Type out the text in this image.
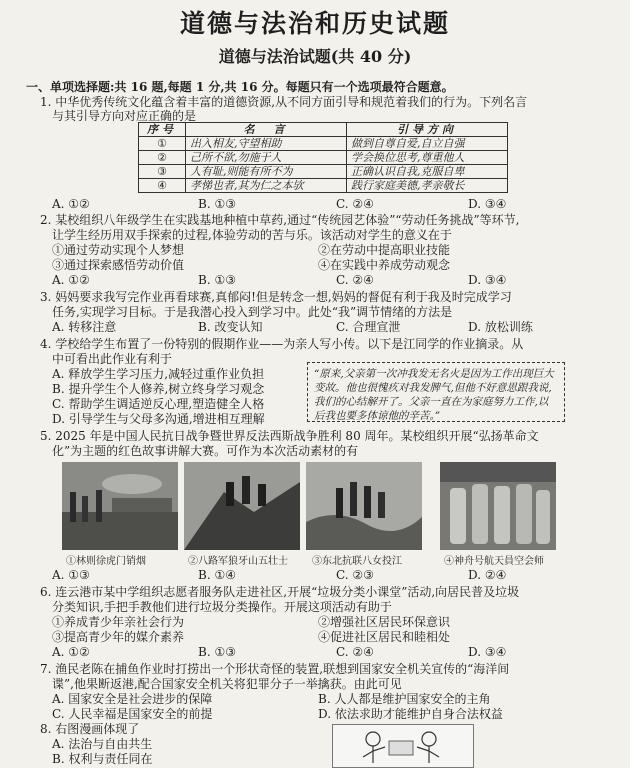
道德与法治和历史试题
道德与法治试题(共 40 分)
一、单项选择题:共 16 题,每题 1 分,共 16 分。每题只有一个选项最符合题意。
1. 中华优秀传统文化蕴含着丰富的道德资源,从不同方面引导和规范着我们的行为。下列名言
与其引导方向对应正确的是
序号	名　言	引导方向
①	出入相友,守望相助	做到自尊自爱,自立自强
②	己所不欲,勿施于人	学会换位思考,尊重他人
③	人有耻,则能有所不为	正确认识自我,克服自卑
④	孝悌也者,其为仁之本欤	践行家庭美德,孝亲敬长
A. ①②	B. ①③	C. ②④	D. ③④
2. 某校组织八年级学生在实践基地种植中草药,通过“传统园艺体验”“劳动任务挑战”等环节,
让学生经历用双手探索的过程,体验劳动的苦与乐。该活动对学生的意义在于
①通过劳动实现个人梦想	②在劳动中提高职业技能
③通过探索感悟劳动价值	④在实践中养成劳动观念
A. ①②	B. ①③	C. ②④	D. ③④
3. 妈妈要求我写完作业再看球赛,真郁闷!但是转念一想,妈妈的督促有利于我及时完成学习
任务,实现学习目标。于是我潜心投入到学习中。此处“我”调节情绪的方法是
A. 转移注意	B. 改变认知	C. 合理宣泄	D. 放松训练
4. 学校给学生布置了一份特别的假期作业——为亲人写小传。以下是江同学的作业摘录。从
中可看出此作业有利于
A. 释放学生学习压力,减轻过重作业负担
B. 提升学生个人修养,树立终身学习观念
C. 帮助学生调适逆反心理,塑造健全人格
D. 引导学生与父母多沟通,增进相互理解
“原来,父亲第一次冲我发无名火是因为工作出现巨大变故。他也很愧疚对我发脾气,但他不好意思跟我说,我们的心结解开了。父亲一直在为家庭努力工作,以后我也要多体谅他的辛苦。”
5. 2025 年是中国人民抗日战争暨世界反法西斯战争胜利 80 周年。某校组织开展“弘扬革命文
化”为主题的红色故事讲解大赛。可作为本次活动素材的有
①林则徐虎门销烟	②八路军狼牙山五壮士 ③东北抗联八女投江	④神舟号航天員空会师
A. ①③	B. ①④	C. ②③	D. ②④
6. 连云港市某中学组织志愿者服务队走进社区,开展“垃圾分类小课堂”活动,向居民普及垃圾
分类知识,手把手教他们进行垃圾分类操作。开展这项活动有助于
①养成青少年亲社会行为	②增强社区居民环保意识
③提高青少年的媒介素养	④促进社区居民和睦相处
A. ①②	B. ①③	C. ②④	D. ③④
7. 渔民老陈在捕鱼作业时打捞出一个形状奇怪的装置,联想到国家安全机关宣传的“海洋间
谍”,他果断返港,配合国家安全机关将犯罪分子一举擒获。由此可见
A. 国家安全是社会进步的保障	B. 人人都是维护国家安全的主角
C. 人民幸福是国家安全的前提	D. 依法求助才能维护自身合法权益
8. 右图漫画体现了
A. 法治与自由共生
B. 权利与责任同在
